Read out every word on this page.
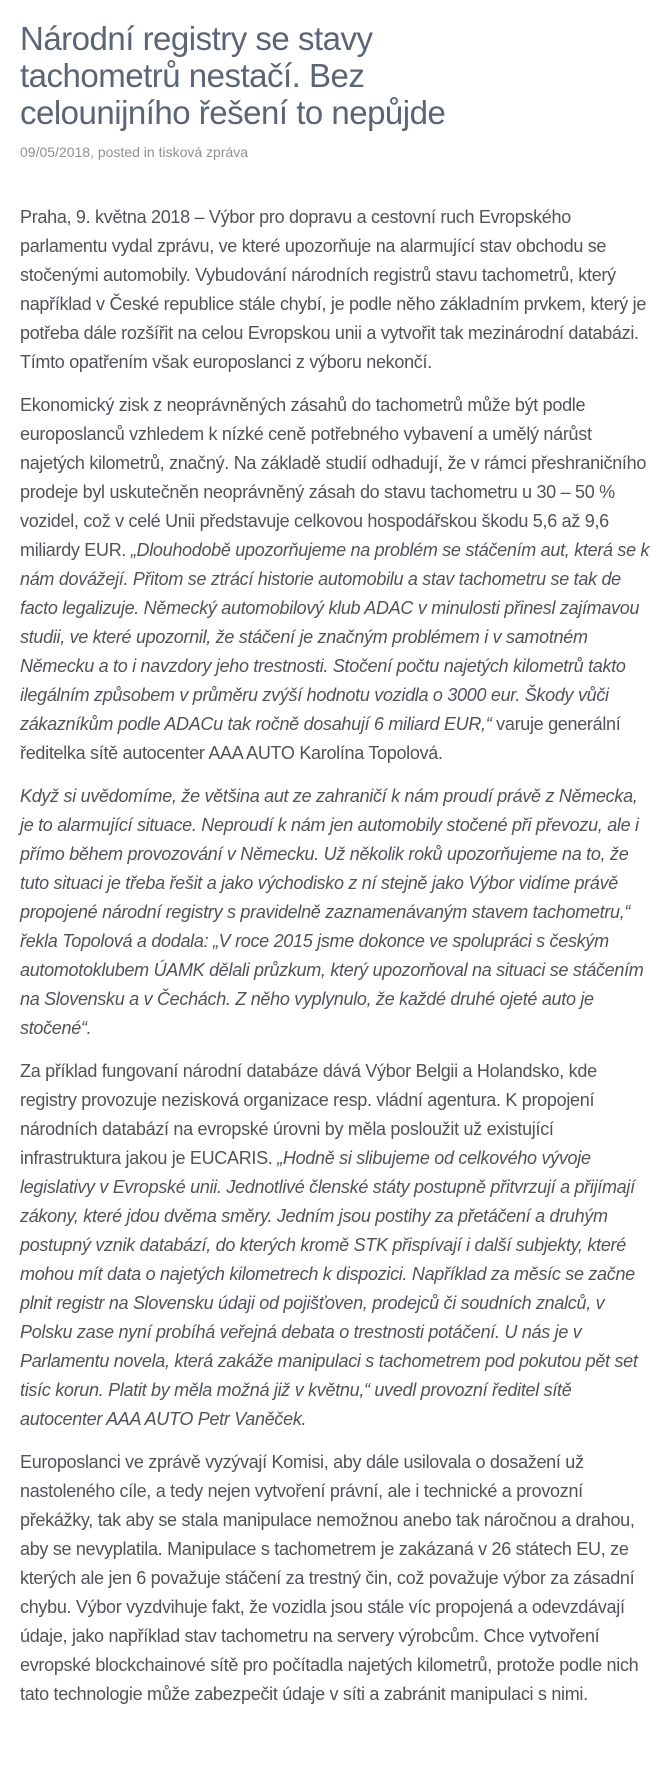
Národní registry se stavy
tachometrů nestačí. Bez
celounijního řešení to nepůjde
09/05/2018, posted in tisková zpráva

Praha, 9. května 2018 – Výbor pro dopravu a cestovní ruch Evropského parlamentu vydal zprávu, ve které upozorňuje na alarmující stav obchodu se stočenými automobily. Vybudování národních registrů stavu tachometrů, který například v České republice stále chybí, je podle něho základním prvkem, který je potřeba dále rozšířit na celou Evropskou unii a vytvořit tak mezinárodní databázi. Tímto opatřením však europoslanci z výboru nekončí.

Ekonomický zisk z neoprávněných zásahů do tachometrů může být podle europoslanců vzhledem k nízké ceně potřebného vybavení a umělý nárůst najetých kilometrů, značný. Na základě studií odhadují, že v rámci přeshraničního prodeje byl uskutečněn neoprávněný zásah do stavu tachometru u 30 – 50 % vozidel, což v celé Unii představuje celkovou hospodářskou škodu 5,6 až 9,6 miliardy EUR. „Dlouhodobě upozorňujeme na problém se stáčením aut, která se k nám dovážejí. Přitom se ztrácí historie automobilu a stav tachometru se tak de facto legalizuje. Německý automobilový klub ADAC v minulosti přinesl zajímavou studii, ve které upozornil, že stáčení je značným problémem i v samotném Německu a to i navzdory jeho trestnosti. Stočení počtu najetých kilometrů takto ilegálním způsobem v průměru zvýší hodnotu vozidla o 3000 eur. Škody vůči zákazníkům podle ADACu tak ročně dosahují 6 miliard EUR,“ varuje generální ředitelka sítě autocenter AAA AUTO Karolína Topolová.

Když si uvědomíme, že většina aut ze zahraničí k nám proudí právě z Německa, je to alarmující situace. Neproudí k nám jen automobily stočené při převozu, ale i přímo během provozování v Německu. Už několik roků upozorňujeme na to, že tuto situaci je třeba řešit a jako východisko z ní stejně jako Výbor vidíme právě propojené národní registry s pravidelně zaznamenávaným stavem tachometru,“ řekla Topolová a dodala: „V roce 2015 jsme dokonce ve spolupráci s českým automotoklubem ÚAMK dělali průzkum, který upozorňoval na situaci se stáčením na Slovensku a v Čechách. Z něho vyplynulo, že každé druhé ojeté auto je stočené“.

Za příklad fungovaní národní databáze dává Výbor Belgii a Holandsko, kde registry provozuje nezisková organizace resp. vládní agentura. K propojení národních databází na evropské úrovni by měla posloužit už existující infrastruktura jakou je EUCARIS. „Hodně si slibujeme od celkového vývoje legislativy v Evropské unii. Jednotlivé členské státy postupně přitvrzují a přijímají zákony, které jdou dvěma směry. Jedním jsou postihy za přetáčení a druhým postupný vznik databází, do kterých kromě STK přispívají i další subjekty, které mohou mít data o najetých kilometrech k dispozici. Například za měsíc se začne plnit registr na Slovensku údaji od pojišťoven, prodejců či soudních znalců, v Polsku zase nyní probíhá veřejná debata o trestnosti potáčení. U nás je v Parlamentu novela, která zakáže manipulaci s tachometrem pod pokutou pět set tisíc korun. Platit by měla možná již v květnu,“ uvedl provozní ředitel sítě autocenter AAA AUTO Petr Vaněček.

Europoslanci ve zprávě vyzývají Komisi, aby dále usilovala o dosažení už nastoleného cíle, a tedy nejen vytvoření právní, ale i technické a provozní překážky, tak aby se stala manipulace nemožnou anebo tak náročnou a drahou, aby se nevyplatila. Manipulace s tachometrem je zakázaná v 26 státech EU, ze kterých ale jen 6 považuje stáčení za trestný čin, což považuje výbor za zásadní chybu. Výbor vyzdvihuje fakt, že vozidla jsou stále víc propojená a odevzdávají údaje, jako například stav tachometru na servery výrobcům. Chce vytvoření evropské blockchainové sítě pro počítadla najetých kilometrů, protože podle nich tato technologie může zabezpečit údaje v síti a zabránit manipulaci s nimi.
